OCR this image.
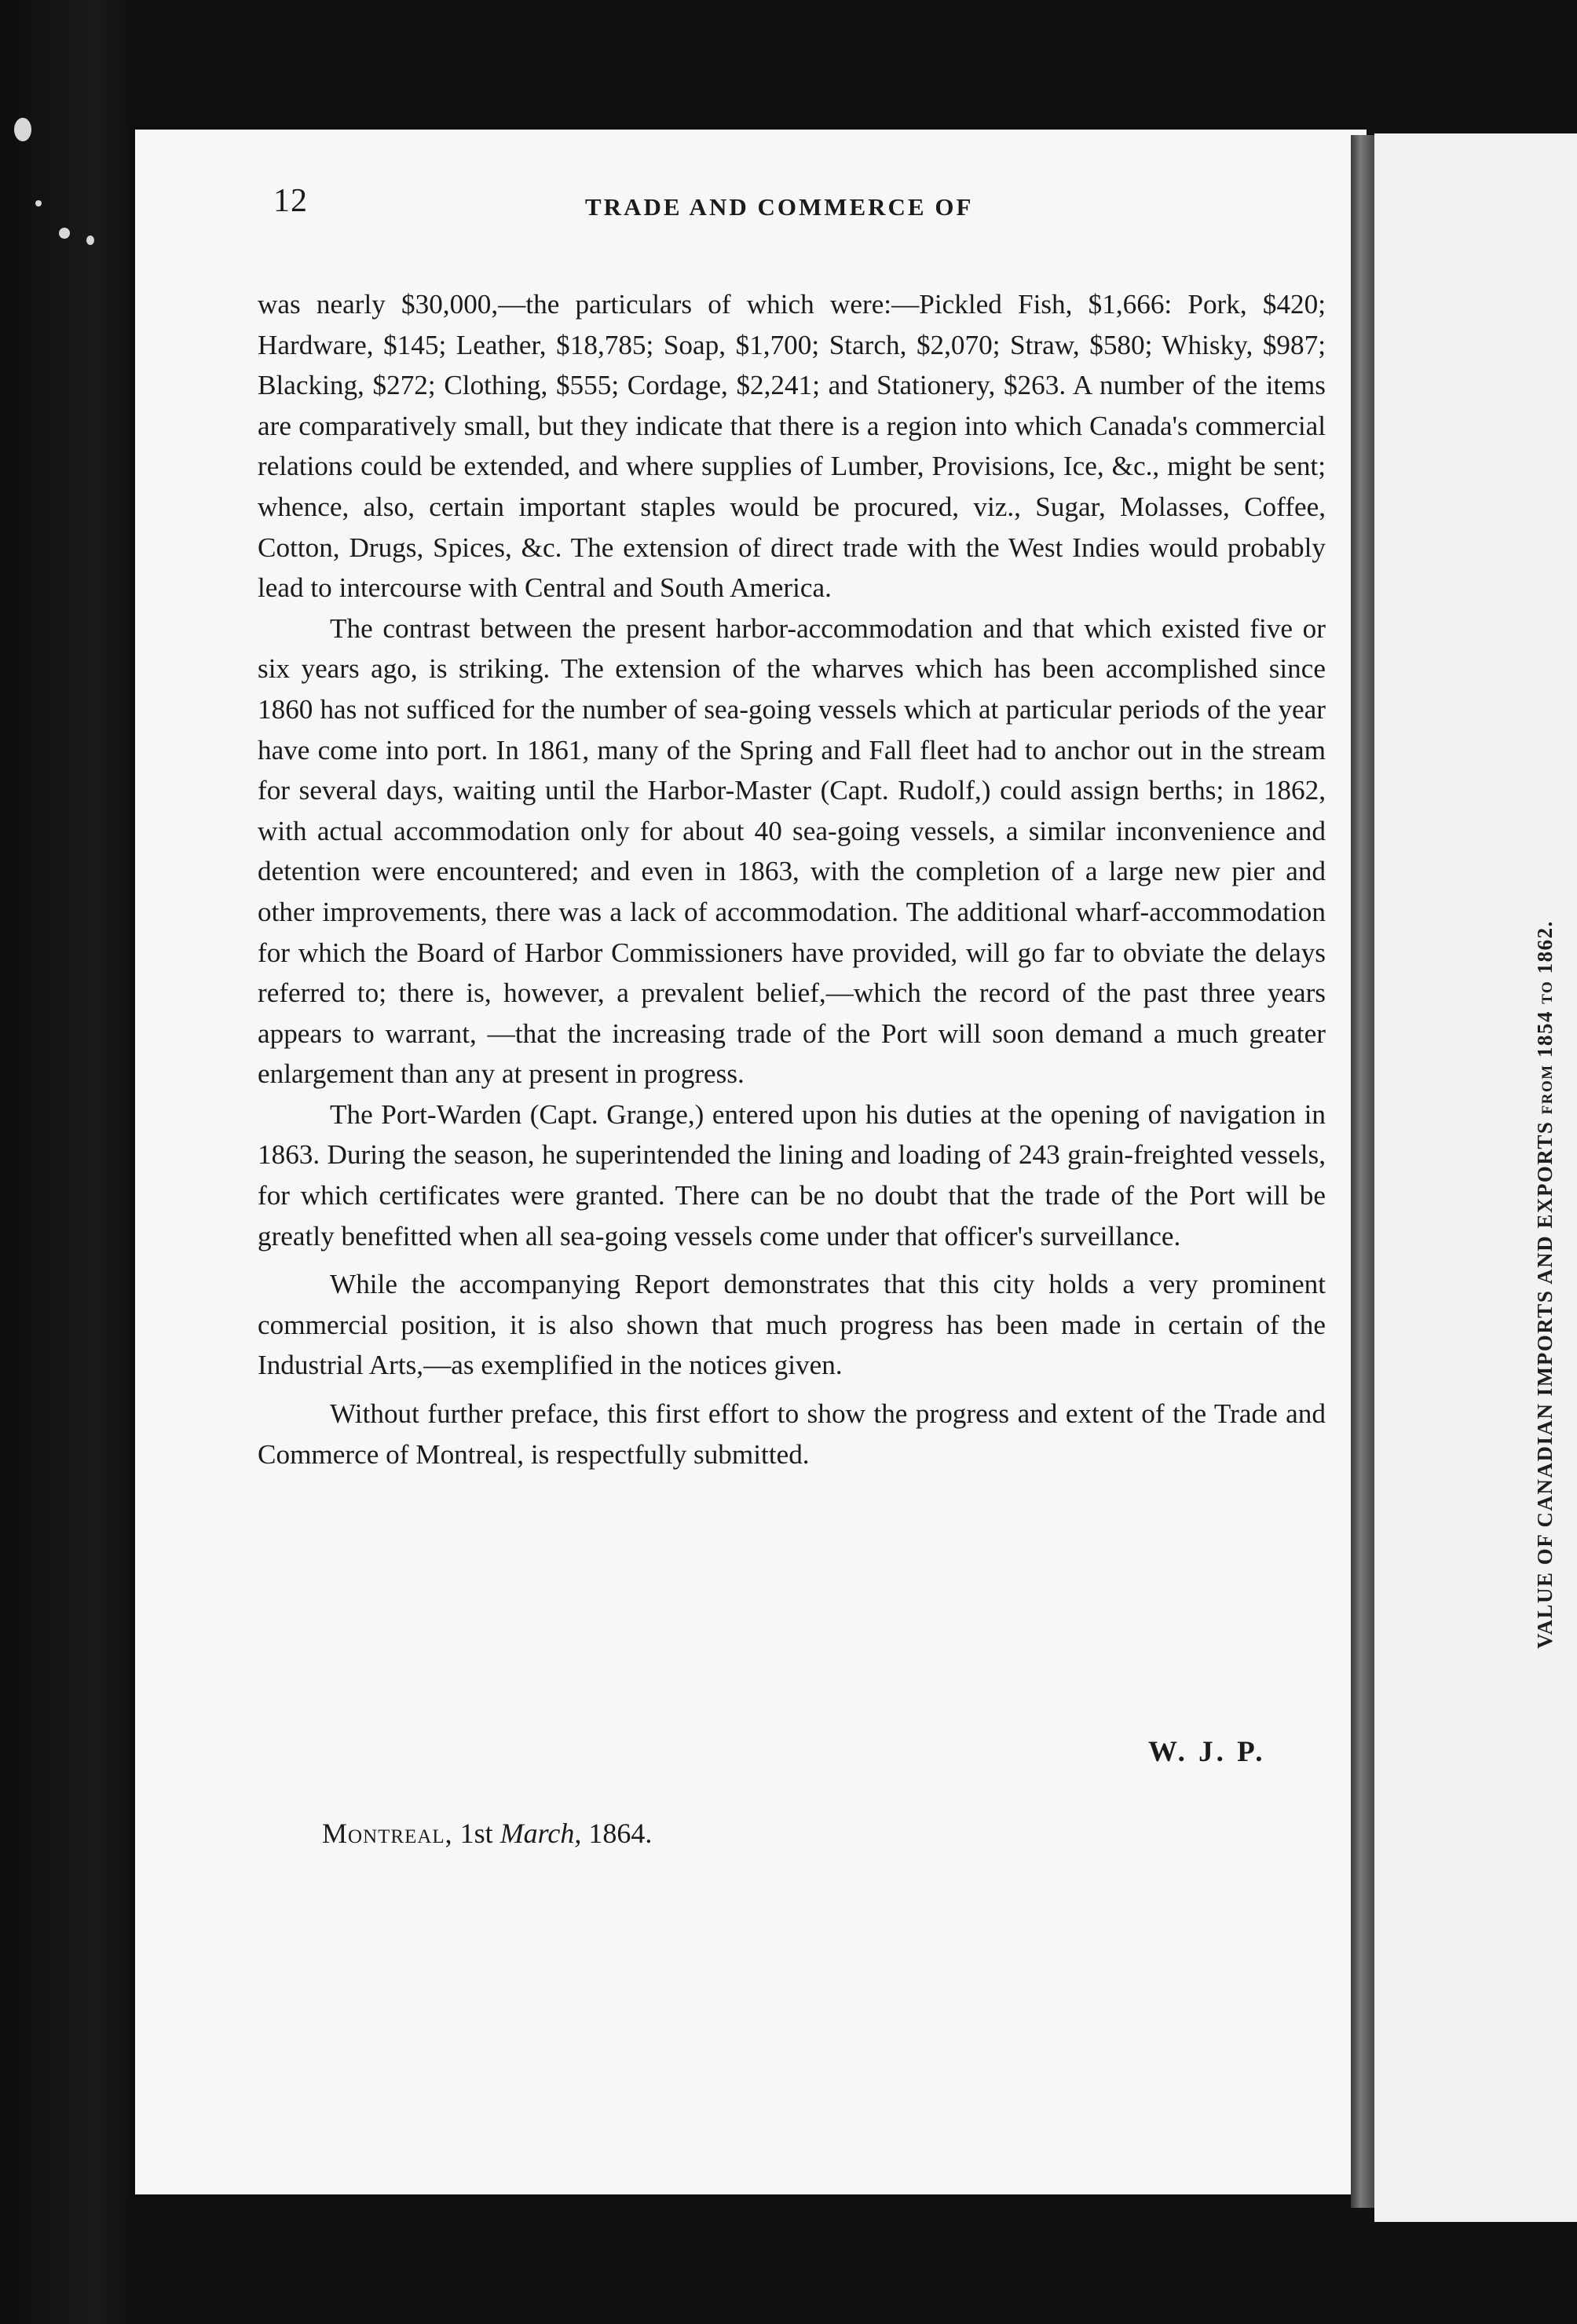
12	TRADE AND COMMERCE OF

was nearly $30,000,—the particulars of which were:—Pickled Fish, $1,666: Pork, $420; Hardware, $145; Leather, $18,785; Soap, $1,700; Starch, $2,070; Straw, $580; Whisky, $987; Blacking, $272; Clothing, $555; Cordage, $2,241; and Stationery, $263. A number of the items are comparatively small, but they indicate that there is a region into which Canada's commercial relations could be extended, and where supplies of Lumber, Provisions, Ice, &c., might be sent; whence, also, certain important staples would be procured, viz., Sugar, Molasses, Coffee, Cotton, Drugs, Spices, &c. The extension of direct trade with the West Indies would probably lead to intercourse with Central and South America.

The contrast between the present harbor-accommodation and that which existed five or six years ago, is striking. The extension of the wharves which has been accomplished since 1860 has not sufficed for the number of sea-going vessels which at particular periods of the year have come into port. In 1861, many of the Spring and Fall fleet had to anchor out in the stream for several days, waiting until the Harbor-Master (Capt. Rudolf,) could assign berths; in 1862, with actual accommodation only for about 40 sea-going vessels, a similar inconvenience and detention were encountered; and even in 1863, with the completion of a large new pier and other improvements, there was a lack of accommodation. The additional wharf-accommodation for which the Board of Harbor Commissioners have provided, will go far to obviate the delays referred to; there is, however, a prevalent belief,—which the record of the past three years appears to warrant, —that the increasing trade of the Port will soon demand a much greater enlargement than any at present in progress.

The Port-Warden (Capt. Grange,) entered upon his duties at the opening of navigation in 1863. During the season, he superintended the lining and loading of 243 grain-freighted vessels, for which certificates were granted. There can be no doubt that the trade of the Port will be greatly benefitted when all sea-going vessels come under that officer's surveillance.

While the accompanying Report demonstrates that this city holds a very prominent commercial position, it is also shown that much progress has been made in certain of the Industrial Arts,—as exemplified in the notices given.

Without further preface, this first effort to show the progress and extent of the Trade and Commerce of Montreal, is respectfully submitted.

W. J. P.
Montreal, 1st March, 1864.
VALUE OF CANADIAN IMPORTS AND EXPORTS FROM 1854 TO 1862.
